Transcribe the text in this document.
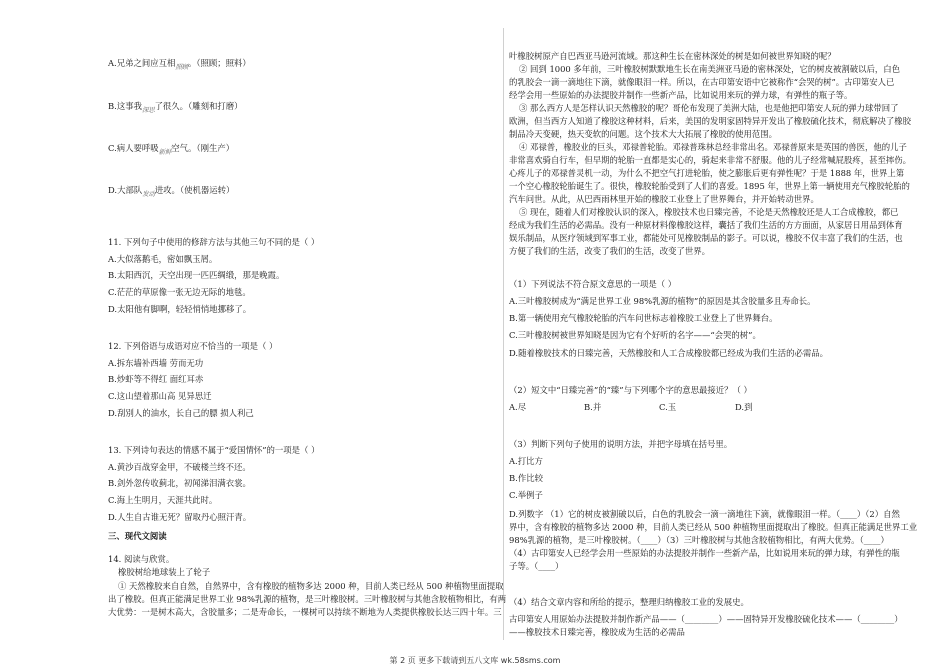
A.兄弟之间应互相$_{照顾}$。（照顾；照料）
B.这事我$_{深思}$了很久。（雕刻和打磨）
C.病人要呼吸$_{新鲜}$空气。（刚生产）
D.大部队$_{发动}$进攻。（使机器运转）
11. 下列句子中使用的修辞方法与其他三句不同的是（ ）
A.大似落鹅毛，密如飘玉屑。
B.太阳西沉，天空出现一匹匹绸缎，那是晚霞。
C.茫茫的草原像一张无边无际的地毯。
D.太阳他有脚啊，轻轻悄悄地挪移了。
12. 下列俗语与成语对应不恰当的一项是（ ）
A.拆东墙补西墙 劳而无功
B.炒虾等不得红 面红耳赤
C.这山望着那山高 见异思迁
D.刮別人的油水，长自己的膘 损人利己
13. 下列诗句表达的情感不属于“爱国情怀”的一项是（ ）
A.黄沙百战穿金甲，不破楼兰终不还。
B.剑外忽传收蓟北，初闻涕泪满衣裳。
C.海上生明月，天涯共此时。
D.人生自古谁无死？留取丹心照汗青。
三、现代文阅读
14. 阅读与欣赏。
橡胶树给地球装上了轮子
① 天然橡胶来自自然，自然界中，含有橡胶的植物多达 2000 种，目前人类已经从 500 种植物里面提取
出了橡胶。但真正能满足世界工业 98%乳源的植物，是三叶橡胶树。三叶橡胶树与其他含胶植物相比，有两
大优势：一是树木高大，含胶量多；二是寿命长，一棵树可以持续不断地为人类提供橡胶长达三四十年。三
叶橡胶树原产自巴西亚马逊河流域。那这种生长在密林深处的树是如何被世界知晓的呢？
② 回到 1000 多年前，三叶橡胶树默默地生长在南美洲亚马逊的密林深处，它的树皮被割破以后，白色
的乳胶会一滴一滴地往下滴，就像眼泪一样。所以，在古印第安语中它被称作“会哭的树”。古印第安人已
经学会用一些原始的办法提胶并制作一些新产品，比如说用来玩的弹力球，有弹性的瓶子等。
③ 那么西方人是怎样认识天然橡胶的呢？哥伦布发现了美洲大陆，也是他把印第安人玩的弹力球带回了
欧洲，但当西方人知道了橡胶这种材料，后来，美国的发明家固特异开发出了橡胶硫化技术，彻底解决了橡胶
制品冷天变硬，热天变软的问题。这个技术大大拓展了橡胶的使用范围。
④ 邓禄普，橡胶业的巨头，邓禄普轮胎。邓禄普珠林总经非常出名。邓禄普原来是英国的兽医，他的儿子
非常喜欢骑自行车，但早期的轮胎一直都是实心的，骑起来非常不舒服。他的儿子经常喊屁股疼，甚至摔伤。
心疼儿子的邓禄普灵机一动，为什么不把空气打进轮胎，使之膨胀后更有弹性呢？于是 1888 年，世界上第
一个空心橡胶轮胎诞生了。很快，橡胶轮胎受到了人们的喜爱。1895 年，世界上第一辆使用充气橡胶轮胎的
汽车问世。从此，从巴西雨林里开始的橡胶工业登上了世界舞台，并开始转动世界。
⑤ 现在，随着人们对橡胶认识的深入，橡胶技术也日臻完善，不论是天然橡胶还是人工合成橡胶，都已
经成为我们生活的必需品。没有一种原材料像橡胶这样，囊括了我们生活的方方面面，从家居日用品到体育
娱乐制品，从医疗领域到军事工业，都能处可见橡胶制品的影子。可以说，橡胶不仅丰富了我们的生活，也
方便了我们的生活，改变了我们的生活，改变了世界。
（1）下列说法不符合原文意思的一项是（ ）
A.三叶橡胶树成为“满足世界工业 98%乳源的植物”的原因是其含胶量多且寿命长。
B.第一辆使用充气橡胶轮胎的汽车问世标志着橡胶工业登上了世界舞台。
C.三叶橡胶树被世界知晓是因为它有个好听的名字——“会哭的树”。
D.随着橡胶技术的日臻完善，天然橡胶和人工合成橡胶都已经成为我们生活的必需品。
（2）短文中“日臻完善”的“臻”与下列哪个字的意思最接近？（ ）
A.尽	B.并	C.玉	D.到
（3）判断下列句子使用的说明方法，并把字母填在括号里。
A.打比方
B.作比较
C.举例子
D.列数字 （1）它的树皮被割破以后，白色的乳胶会一滴一滴地往下滴，就像眼泪一样。（____）（2）自然
界中，含有橡胶的植物多达 2000 种，目前人类已经从 500 种植物里面提取出了橡胶。但真正能满足世界工业
98%乳源的植物，是三叶橡胶树。（____）（3）三叶橡胶树与其他含胶植物相比，有两大优势。（____）
（4）古印第安人已经学会用一些原始的办法提胶并制作一些新产品，比如说用来玩的弹力球，有弹性的瓶
子等。（____）
（4）结合文章内容和所给的提示，整理归纳橡胶工业的发展史。
古印第安人用原始办法提胶并制作新产品——（________）——固特异开发橡胶硫化技术——（________）
——橡胶技术日臻完善，橡胶成为生活的必需品
第 2 页 更多下载请到五八文库 wk.58sms.com
